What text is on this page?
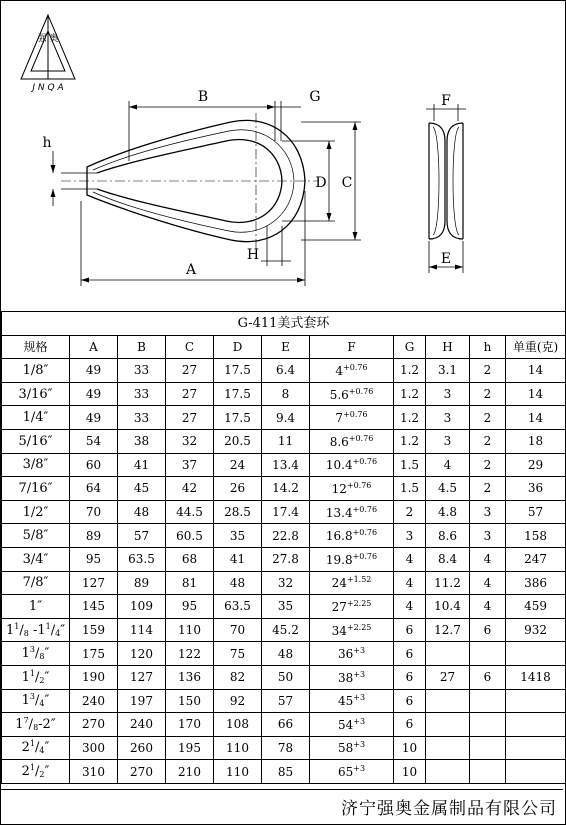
强 奥
J N Q A
B	G
h
A
C
D
H
F
E
G-411美式套环										
规格	A	B	C	D	E	F	G	H	h	单重(克)
1/8″	49	33	27	17.5	6.4	$4^{+0.76}$	1.2	3.1	2	14
3/16″	49	33	27	17.5	8	$5.6^{+0.76}$	1.2	3	2	14
1/4″	49	33	27	17.5	9.4	$7^{+0.76}$	1.2	3	2	14
5/16″	54	38	32	20.5	11	$8.6^{+0.76}$	1.2	3	2	18
3/8″	60	41	37	24	13.4	$10.4^{+0.76}$	1.5	4	2	29
7/16″	64	45	42	26	14.2	$12^{+0.76}$	1.5	4.5	2	36
1/2″	70	48	44.5	28.5	17.4	$13.4^{+0.76}$	2	4.8	3	57
5/8″	89	57	60.5	35	22.8	$16.8^{+0.76}$	3	8.6	3	158
3/4″	95	63.5	68	41	27.8	$19.8^{+0.76}$	4	8.4	4	247
7/8″	127	89	81	48	32	$24^{+1.52}$	4	11.2	4	386
1″	145	109	95	63.5	35	$27^{+2.25}$	4	10.4	4	459
$1^1/_8$ $-1^1/_4''$	159	114	110	70	45.2	$34^{+2.25}$	6	12.7	6	932
$1^3/_8''$	175	120	122	75	48	$36^{+3}$	6			
$1^1/_2''$	190	127	136	82	50	$38^{+3}$	6	27	6	1418
$1^3/_4''$	240	197	150	92	57	$45^{+3}$	6			
$1^7/_8-2''$	270	240	170	108	66	$54^{+3}$	6			
$2^1/_4''$	300	260	195	110	78	$58^{+3}$	10			
$2^1/_2''$	310	270	210	110	85	$65^{+3}$	10			
济宁强奥金属制品有限公司
